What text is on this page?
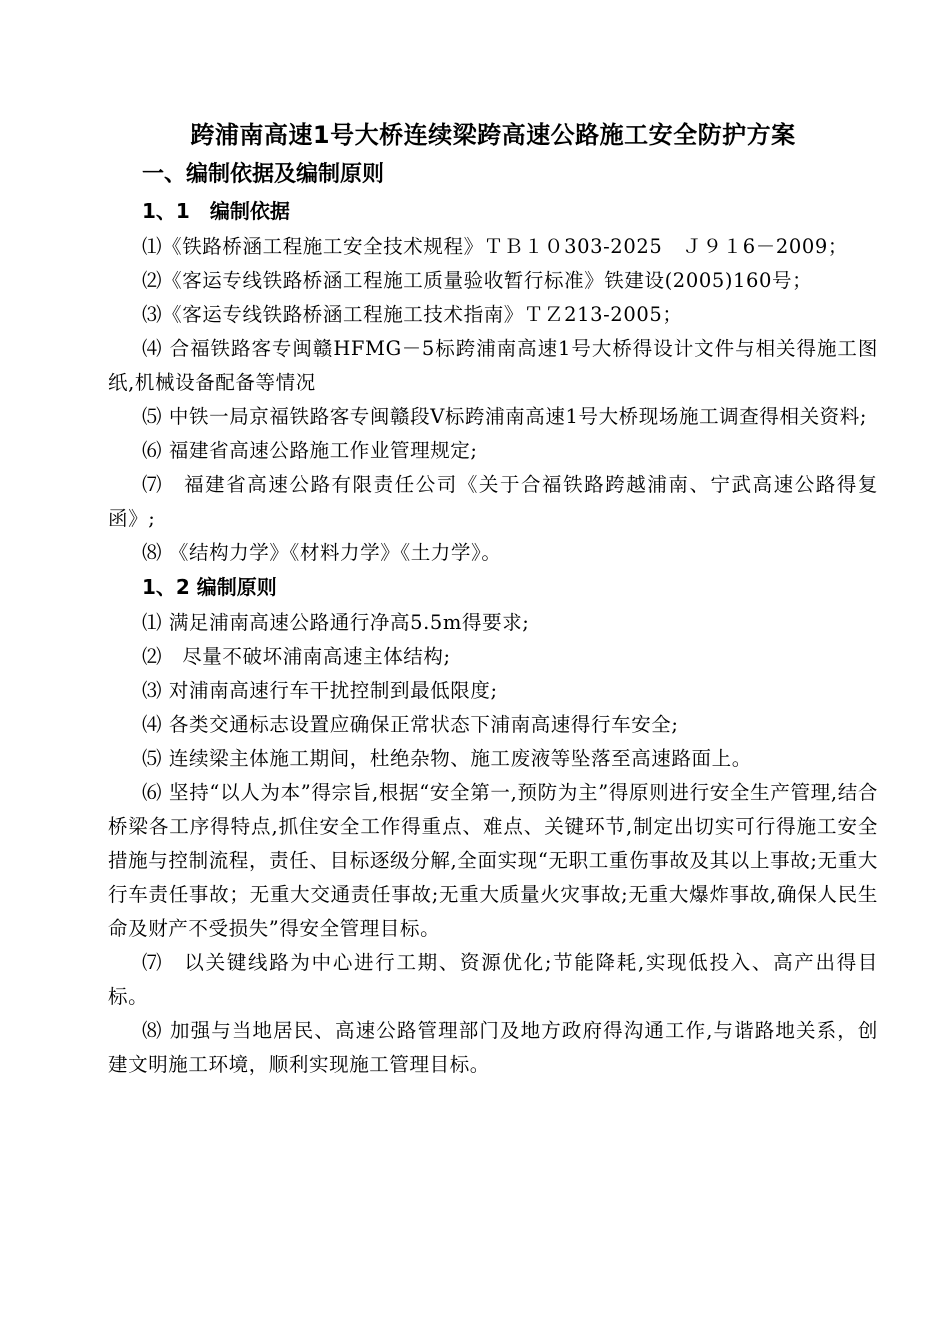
跨浦南高速1号大桥连续梁跨高速公路施工安全防护方案
一、编制依据及编制原则
1、1　编制依据
⑴《铁路桥涵工程施工安全技术规程》ＴＢ１０303-2025　Ｊ９１6－2009；
⑵《客运专线铁路桥涵工程施工质量验收暂行标准》铁建设(2005)160号；
⑶《客运专线铁路桥涵工程施工技术指南》ＴＺ213-2005；
⑷ 合福铁路客专闽赣HFMG－5标跨浦南高速1号大桥得设计文件与相关得施工图纸,机械设备配备等情况
⑸ 中铁一局京福铁路客专闽赣段V标跨浦南高速1号大桥现场施工调查得相关资料;
⑹ 福建省高速公路施工作业管理规定;
⑺　福建省高速公路有限责任公司《关于合福铁路跨越浦南、宁武高速公路得复函》;
⑻ 《结构力学》《材料力学》《土力学》。
1、2 编制原则
⑴ 满足浦南高速公路通行净高5.5m得要求;
⑵　尽量不破坏浦南高速主体结构;
⑶ 对浦南高速行车干扰控制到最低限度;
⑷ 各类交通标志设置应确保正常状态下浦南高速得行车安全;
⑸ 连续梁主体施工期间，杜绝杂物、施工废液等坠落至高速路面上。
⑹ 坚持“以人为本”得宗旨,根据“安全第一,预防为主”得原则进行安全生产管理,结合桥梁各工序得特点,抓住安全工作得重点、难点、关键环节,制定出切实可行得施工安全措施与控制流程，责任、目标逐级分解,全面实现“无职工重伤事故及其以上事故;无重大行车责任事故；无重大交通责任事故;无重大质量火灾事故;无重大爆炸事故,确保人民生命及财产不受损失”得安全管理目标。
⑺　以关键线路为中心进行工期、资源优化;节能降耗,实现低投入、高产出得目标。
⑻ 加强与当地居民、高速公路管理部门及地方政府得沟通工作,与谐路地关系，创建文明施工环境，顺利实现施工管理目标。
